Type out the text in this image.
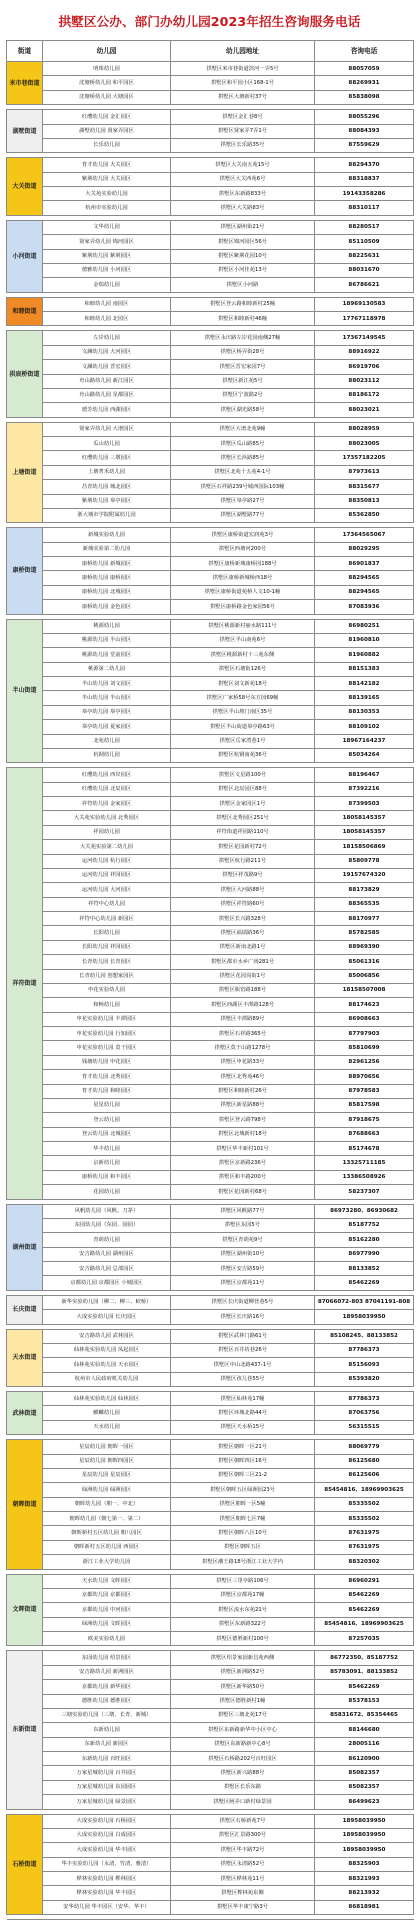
拱墅区公办、部门办幼儿园2023年招生咨询服务电话
街道	幼儿园	幼儿园地址	咨询电话
米市巷街道	明珠幼儿园	拱墅区米市巷街道滨河一弄5号	88057059
	沈塘桥幼儿园 和平园区	拱墅区和平园小区168-1号	88269931
	沈塘桥幼儿园 大塘园区	拱墅区大塘新村37号	85838098

湖墅街道	红缨幼儿园 金汇园区	拱墅区金汇巷8号	88055296
	湖墅幼儿园 贤家弄园区	拱墅区贤家弄7弄1号	88084393
	长乐幼儿园	拱墅区长乐路35号	87559629

大关街道	育才幼儿园 大关园区	拱墅区大关南五苑15号	88294370
	紫荆幼儿园 大关园区	拱墅区大关西苑6号	88318837
	大关苑实验幼儿园	拱墅区东新路833号	19143358286
	杭州市实验幼儿园	拱墅区大关路83号	88310117

小河街道	文华幼儿园	拱墅区湖州街21号	88280517
	贤家弄幼儿园 锦河园区	拱墅区锦河园区56号	85110509
	紫荆幼儿园 紫荆园区	拱墅区紫荆花园10号	88225631
	德雅幼儿园 小河园区	拱墅区小河佳苑13号	88031670
	金瑞幼儿园	拱墅区小河路	86786621

和睦街道	和睦幼儿园 南园区	拱墅区登云路和睦新村25幢	18969130583
	和睦幼儿园 北园区	拱墅区和睦新村46幢	17767118978

拱宸桥街道	左岸幼儿园	拱墅区永庆路左岸花园南侧27幢	17367149545
	文澜幼儿园 大河园区	拱墅区桥弄街28号	88916922
	文澜幼儿园 晋宏园区	拱墅区晋宏家园7号	86919706
	舟山路幼儿园 新江园区	拱墅区新江苑5号	88023112
	舟山路幼儿园 星都园区	拱墅区宁波路2号	88186172
	德芳幼儿园 西湖园区	拱墅区湖光路58号	88023021

上塘街道	贤家弄幼儿园 大谱园区	拱墅区大谱北苑9幢	88028959
	瓜山幼儿园	拱墅区瓜山路85号	88023005
	红缨幼儿园 三墩园区	拱墅区长浜路85号	17357182205
	上塘菁禾幼儿园	拱墅区北苑十五苑4-1号	87973613
	昌青幼儿园 城北园区	拱墅区石祥路239号城西国际103幢	88315677
	紫荆幼儿园 皋亭园区	拱墅区皋亭路27号	88350813
	浙大城市学院附属幼儿园	拱墅区湖墅路77号	85362850

康桥街道	新城实验幼儿园	拱墅区康桥街道宏润苑3号	17364565067
	新城实验第二幼儿园	拱墅区西塘河200号	88029295
	康桥幼儿园 新城园区	拱墅区康桥新城康桥园188号	86901837
	康桥幼儿园 康桥园区	拱墅区康桥新城桥西18号	88294565
	康桥幼儿园 北城园区	拱墅区康桥街道苑桥人文10-1幢	88294565
	康桥幼儿园 金色园区	拱墅区康桥路金色家园56号	87083936

半山街道	桃源幼儿园	拱墅区桃源新村丽水路111号	86980251
	桃源幼儿园 半山园区	拱墅区半山南苑6号	81960810
	桃源幼儿园 堂前园区	拱墅区桃源新村十三苑东侧	81960882
	桃源第二幼儿园	拱墅区石塘街126号	88151383
	半山幼儿园 刘文园区	拱墅区刘文新苑18号	88142182
	半山幼儿园 半山园区	拱墅区广家桥58号东方园69幢	88139165
	皋亭幼儿园 皋亭园区	拱墅区半山坡门南区35号	88130353
	皋亭幼儿园 夏家园区	拱墅区半山街道皋亭路63号	88109102
	北苑幼儿园	拱墅区岳家湾巷1号	18967164237
	杭钢幼儿园	拱墅区杭钢南苑36号	85034264

祥符街道	红缨幼儿园 西岸园区	拱墅区文星路100号	88196467
	红缨幼儿园 北辰园区	拱墅区北辰园区88号	87392216
	祥符幼儿园 金家园区	拱墅区金家园区1号	87399503
	大关苑实验幼儿园 北秀园区	拱墅区北秀园区251号	18058145357
	祥园幼儿园	祥符街道祥园路110号	18058145357
	大关苑实验第二幼儿园	拱墅区花园新村72号	18158506869
	运河幼儿园 杭行园区	拱墅区杭行路211号	85809778
	运河幼儿园 祥园园区	拱墅区祥茂路9号	19157674320
	运河幼儿园 大河园区	拱墅区大河路88号	88173829
	祥符中心幼儿园	拱墅区祥符路60号	88365535
	祥符中心幼儿园 新园区	拱墅区长兴路328号	88170977
	长阳幼儿园	拱墅区福瑞路36号	85782585
	长阳幼儿园 祥园园区	拱墅区新南北路1号	88969390
	长青幼儿园 长青园区	拱墅区都市水乡广场281号	85061316
	长青幼儿园 创想家园区	拱墅区花园岗街1号	85006856
	申花实验幼儿园	拱墅区瓶窑路188号	18158507008
	和畅幼儿园	拱墅区西湖区丰潭路128号	88174623
	申花实验幼儿园 丰潭园区	拱墅区丰潭路89号	86908663
	申花实验幼儿园 行知园区	拱墅区石祥路365号	87797903
	申花实验幼儿园 莫干园区	拱墅区莫干山路1278号	85810699
	钱塘幼儿园 申花园区	拱墅区申花路33号	82961256
	育才幼儿园 北秀园区	拱墅区北秀苑46号	88970656
	育才幼儿园 和睦园区	拱墅区和睦新村26号	87978583
	星星幼儿园	拱墅区新星路88号	85817598
	登云幼儿园	拱墅区登云路798号	87918675
	登云幼儿园 北城园区	拱墅区北城新村18号	87688663
	华丰幼儿园	拱墅区华丰新村101号	85174678
	京新幼儿园	拱墅区京新路236号	13325711185
	康桥幼儿园 和丰园区	拱墅区和丰路200号	13386508926
	花园幼儿园	拱墅区花园新村68号	58237307

湖州街道	风帆幼儿园（风帆、刀茅）	拱墅区风帆路77号	86973280、86930682
	东园幼儿园（东园、园园）	拱墅区东园5号	85187752
	青葫幼儿园	拱墅区青葫苑9号	85162280
	安吉路幼儿园 湖州园区	拱墅区湖州街10号	86977990
	安吉路幼儿园 总部园区	拱墅区安吉路59号	88133852
	京都幼儿园 京都园区 小城园区	拱墅区京都苑11号	85462269

长庆街道	新华实验幼儿园（柳二、柳三、蛟桥）	拱墅区长庆街道柳营巷5号	87066072-803 87041191-808
	大成实验幼儿园 长庆园区	拱墅区长庆路16号	18958039950

天水街道	安吉路幼儿园 武林园区	拱墅区武林门路61号	85108245、88133852
	仙林苑实验幼儿园 凤起园区	拱墅区百井坊巷26号	87786373
	仙林苑实验幼儿园 天水园区	拱墅区中山北路437-1号	85156093
	杭州市人民政府机关幼儿园	拱墅区孩儿巷55号	85393820

武林街道	仙林苑实验幼儿园 仙林园区	拱墅区仙林苑17幢	87786373
	麒麟幼儿园	拱墅区环城北路44号	87063756
	天水幼儿园	拱墅区天水桥15号	56315515

朝晖街道	星辰幼儿园 朝晖一园区	拱墅区朝晖一区21号	88069779
	星辰幼儿园 朝晖四园区	拱墅区朝晖四区16号	86125680
	星辰幼儿园 星辰园区	拱墅区朝晖三区21-2	86125606
	绿洲幼儿园 绿洲园区	拱墅区朝晖五区绿洲园23号	85454816、18969903625
	朝晖幼儿园（朝一、中北）	拱墅区朝晖一区5幢	85335502
	朝晖幼儿园（朝七第一、第二）	拱墅区朝晖七区7幢	85335502
	朝晖新村五区幼儿园 朝八园区	拱墅区朝晖八区10号	87631975
	朝晖新村五区幼儿园 西园区	拱墅区朝晖五区	87631975
	浙江工业大学幼儿园	拱墅区潮王路18号浙江工业大学内	88320302

文晖街道	天水幼儿园 文晖园区	拱墅区三里亭路106号	86960291
	京都幼儿园 京都园区	拱墅区京都苑17幢	85462269
	京都幼儿园 中河园区	拱墅区流水东苑21号	85462269
	绿洲幼儿园 文晖园区	拱墅区东新路322号	85454816、18969903625
	欧美实验幼儿园	拱墅区德胜新村100号	87257035

东新街道	东园幼儿园 绍景园区	拱墅区绍景家园新昌苑西侧	86772350、85187752
	安吉路幼儿园 新洲园区	拱墅区新洲路52号	85783091、88133852
	京都幼儿园 新华园区	拱墅区新华路50号	85462269
	德胜幼儿园 德胜园区	拱墅区德胜新村1幢	85378153
	三塘实验幼儿园（三墩、长青、新城）	拱墅区三塘北苑17号	85831672、85354465
	东新幼儿园	拱墅区东新路新华中小区中心	88146680
	东新幼儿园 新园区	拱墅区东新路新中心8号	28005116
	东新幼儿园 百旺园区	拱墅区石桥路202号百旺园区	86120900
	万家星城幼儿园 百井园区	拱墅区新兴路88号	85082357
	万家星城幼儿园 东园园区	拱墅区长乐东路	85082357
	万家星城幼儿园 绿景园区	拱墅区闸弄口新村绿景园	86499623

石桥街道	大成实验幼儿园 石桥园区	拱墅区石桥新苑7号	18958039950
	大成实验幼儿园 白成园区	拱墅区汇景路300号	18958039950
	大成实验幼儿园 华丰园区	拱墅区华丰路72号	18958039950
	华丰实验幼儿园（永清、竹清、雅清）	拱墅区永清路52号	88325903
	桦林实验幼儿园 桦林园区	拱墅区桦林苑11号	88321993
	桦林实验幼儿园 华丰园区	拱墅区桦林苑东侧	88213932
	安华幼儿园 华丰园区（安华、华丰）	拱墅区华丰康宁路3号	86818981
